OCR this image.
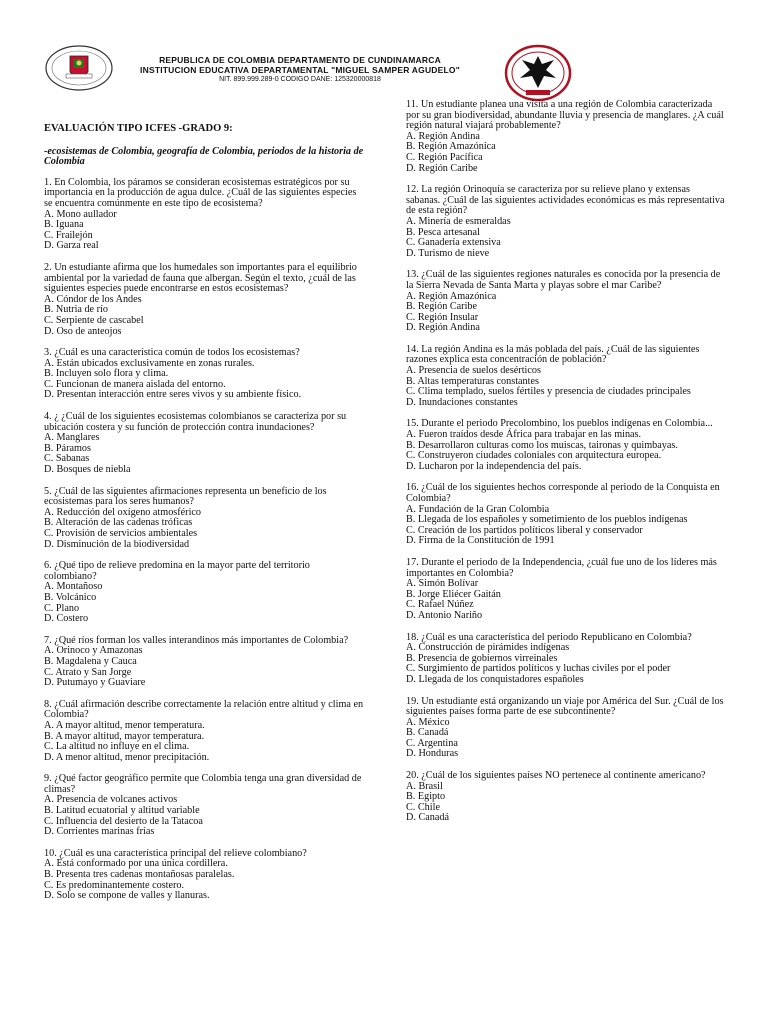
REPUBLICA DE COLOMBIA DEPARTAMENTO DE CUNDINAMARCA
INSTITUCION EDUCATIVA DEPARTAMENTAL "MIGUEL SAMPER AGUDELO"
NIT. 899.999.289-0 CODIGO DANE: 125320000818
EVALUACIÓN TIPO ICFES -GRADO 9:
-ecosistemas de Colombia, geografía de Colombia, periodos de la historia de Colombia

1. En Colombia, los páramos se consideran ecosistemas estratégicos por su importancia en la producción de agua dulce. ¿Cuál de las siguientes especies se encuentra comúnmente en este tipo de ecosistema?

A. Mono aullador

B. Iguana

C. Frailejón

D. Garza real

2. Un estudiante afirma que los humedales son importantes para el equilibrio ambiental por la variedad de fauna que albergan. Según el texto, ¿cuál de las siguientes especies puede encontrarse en estos ecosistemas?

A. Cóndor de los Andes

B. Nutria de río

C. Serpiente de cascabel

D. Oso de anteojos

3. ¿Cuál es una característica común de todos los ecosistemas?

A. Están ubicados exclusivamente en zonas rurales.

B. Incluyen solo flora y clima.

C. Funcionan de manera aislada del entorno.

D. Presentan interacción entre seres vivos y su ambiente físico.

4. ¿ ¿Cuál de los siguientes ecosistemas colombianos se caracteriza por su ubicación costera y su función de protección contra inundaciones?

A. Manglares

B. Páramos

C. Sabanas

D. Bosques de niebla

5. ¿Cuál de las siguientes afirmaciones representa un beneficio de los ecosistemas para los seres humanos?

A. Reducción del oxígeno atmosférico

B. Alteración de las cadenas tróficas

C. Provisión de servicios ambientales

D. Disminución de la biodiversidad

6. ¿Qué tipo de relieve predomina en la mayor parte del territorio colombiano?

A. Montañoso

B. Volcánico

C. Plano

D. Costero

7. ¿Qué ríos forman los valles interandinos más importantes de Colombia?

A. Orinoco y Amazonas

B. Magdalena y Cauca

C. Atrato y San Jorge

D. Putumayo y Guaviare

8. ¿Cuál afirmación describe correctamente la relación entre altitud y clima en Colombia?

A. A mayor altitud, menor temperatura.

B. A mayor altitud, mayor temperatura.

C. La altitud no influye en el clima.

D. A menor altitud, menor precipitación.

9. ¿Qué factor geográfico permite que Colombia tenga una gran diversidad de climas?

A. Presencia de volcanes activos

B. Latitud ecuatorial y altitud variable

C. Influencia del desierto de la Tatacoa

D. Corrientes marinas frías

10. ¿Cuál es una característica principal del relieve colombiano?

A. Está conformado por una única cordillera.

B. Presenta tres cadenas montañosas paralelas.

C. Es predominantemente costero.

D. Solo se compone de valles y llanuras.

11. Un estudiante planea una visita a una región de Colombia caracterizada por su gran biodiversidad, abundante lluvia y presencia de manglares. ¿A cuál región natural viajará probablemente?

A. Región Andina

B. Región Amazónica

C. Región Pacífica

D. Región Caribe

12. La región Orinoquía se caracteriza por su relieve plano y extensas sabanas. ¿Cuál de las siguientes actividades económicas es más representativa de esta región?

A. Minería de esmeraldas

B. Pesca artesanal

C. Ganadería extensiva

D. Turismo de nieve

13. ¿Cuál de las siguientes regiones naturales es conocida por la presencia de la Sierra Nevada de Santa Marta y playas sobre el mar Caribe?

A. Región Amazónica

B. Región Caribe

C. Región Insular

D. Región Andina

14. La región Andina es la más poblada del país. ¿Cuál de las siguientes razones explica esta concentración de población?

A. Presencia de suelos desérticos

B. Altas temperaturas constantes

C. Clima templado, suelos fértiles y presencia de ciudades principales

D. Inundaciones constantes

15. Durante el periodo Precolombino, los pueblos indígenas en Colombia...

A. Fueron traídos desde África para trabajar en las minas.

B. Desarrollaron culturas como los muiscas, taironas y quimbayas.

C. Construyeron ciudades coloniales con arquitectura europea.

D. Lucharon por la independencia del país.

16. ¿Cuál de los siguientes hechos corresponde al periodo de la Conquista en Colombia?

A. Fundación de la Gran Colombia

B. Llegada de los españoles y sometimiento de los pueblos indígenas

C. Creación de los partidos políticos liberal y conservador

D. Firma de la Constitución de 1991

17. Durante el periodo de la Independencia, ¿cuál fue uno de los líderes más importantes en Colombia?

A. Simón Bolívar

B. Jorge Eliécer Gaitán

C. Rafael Núñez

D. Antonio Nariño

18. ¿Cuál es una característica del periodo Republicano en Colombia?

A. Construcción de pirámides indígenas

B. Presencia de gobiernos virreinales

C. Surgimiento de partidos políticos y luchas civiles por el poder

D. Llegada de los conquistadores españoles

19. Un estudiante está organizando un viaje por América del Sur. ¿Cuál de los siguientes países forma parte de ese subcontinente?

A. México

B. Canadá

C. Argentina

D. Honduras

20. ¿Cuál de los siguientes países NO pertenece al continente americano?

A. Brasil

B. Egipto

C. Chile

D. Canadá
